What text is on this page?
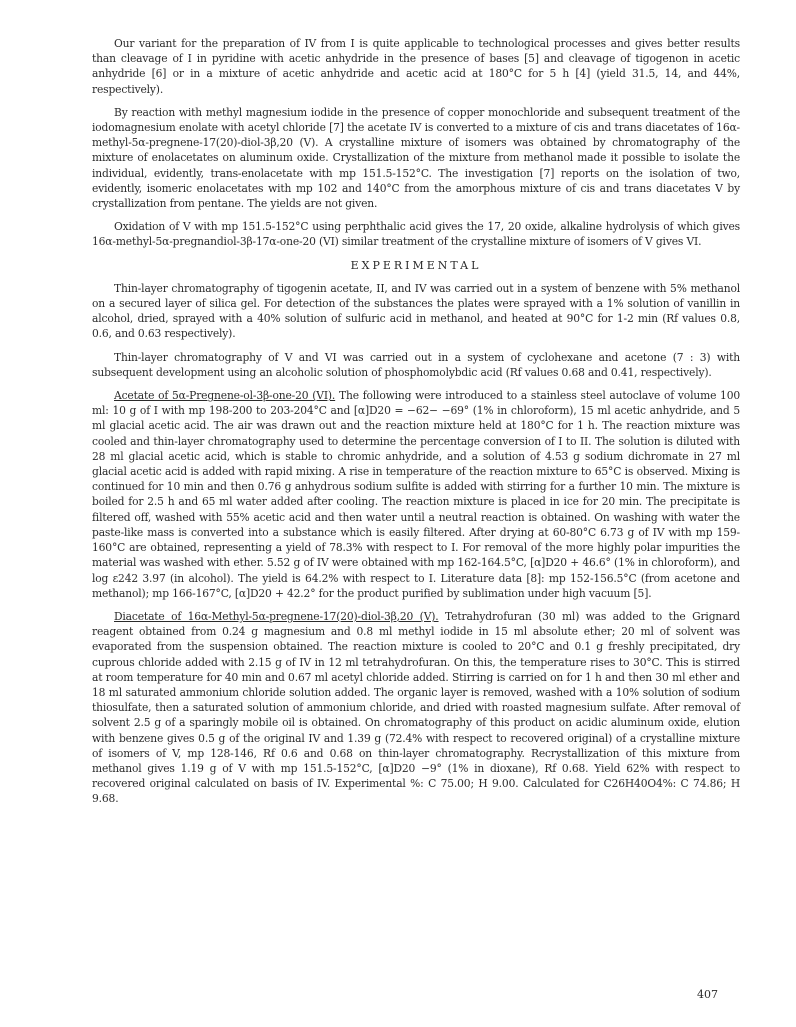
Our variant for the preparation of IV from I is quite applicable to technological processes and gives better results than cleavage of I in pyridine with acetic anhydride in the presence of bases [5] and cleavage of tigogenon in acetic anhydride [6] or in a mixture of acetic anhydride and acetic acid at 180°C for 5 h [4] (yield 31.5, 14, and 44%, respectively).

By reaction with methyl magnesium iodide in the presence of copper monochloride and subsequent treatment of the iodomagnesium enolate with acetyl chloride [7] the acetate IV is converted to a mixture of cis and trans diacetates of 16α-methyl-5α-pregnene-17(20)-diol-3β,20 (V). A crystalline mixture of isomers was obtained by chromatography of the mixture of enolacetates on aluminum oxide. Crystallization of the mixture from methanol made it possible to isolate the individual, evidently, trans-enolacetate with mp 151.5-152°C. The investigation [7] reports on the isolation of two, evidently, isomeric enolacetates with mp 102 and 140°C from the amorphous mixture of cis and trans diacetates V by crystallization from pentane. The yields are not given.

Oxidation of V with mp 151.5-152°C using perphthalic acid gives the 17, 20 oxide, alkaline hydrolysis of which gives 16α-methyl-5α-pregnandiol-3β-17α-one-20 (VI) similar treatment of the crystalline mixture of isomers of V gives VI.

EXPERIMENTAL

Thin-layer chromatography of tigogenin acetate, II, and IV was carried out in a system of benzene with 5% methanol on a secured layer of silica gel. For detection of the substances the plates were sprayed with a 1% solution of vanillin in alcohol, dried, sprayed with a 40% solution of sulfuric acid in methanol, and heated at 90°C for 1-2 min (Rf values 0.8, 0.6, and 0.63 respectively).

Thin-layer chromatography of V and VI was carried out in a system of cyclohexane and acetone (7 : 3) with subsequent development using an alcoholic solution of phosphomolybdic acid (Rf values 0.68 and 0.41, respectively).

Acetate of 5α-Pregnene-ol-3β-one-20 (VI). The following were introduced to a stainless steel autoclave of volume 100 ml: 10 g of I with mp 198-200 to 203-204°C and [α]D20 = −62− −69° (1% in chloroform), 15 ml acetic anhydride, and 5 ml glacial acetic acid. The air was drawn out and the reaction mixture held at 180°C for 1 h. The reaction mixture was cooled and thin-layer chromatography used to determine the percentage conversion of I to II. The solution is diluted with 28 ml glacial acetic acid, which is stable to chromic anhydride, and a solution of 4.53 g sodium dichromate in 27 ml glacial acetic acid is added with rapid mixing. A rise in temperature of the reaction mixture to 65°C is observed. Mixing is continued for 10 min and then 0.76 g anhydrous sodium sulfite is added with stirring for a further 10 min. The mixture is boiled for 2.5 h and 65 ml water added after cooling. The reaction mixture is placed in ice for 20 min. The precipitate is filtered off, washed with 55% acetic acid and then water until a neutral reaction is obtained. On washing with water the paste-like mass is converted into a substance which is easily filtered. After drying at 60-80°C 6.73 g of IV with mp 159-160°C are obtained, representing a yield of 78.3% with respect to I. For removal of the more highly polar impurities the material was washed with ether. 5.52 g of IV were obtained with mp 162-164.5°C, [α]D20 + 46.6° (1% in chloroform), and log ε242 3.97 (in alcohol). The yield is 64.2% with respect to I. Literature data [8]: mp 152-156.5°C (from acetone and methanol); mp 166-167°C, [α]D20 + 42.2° for the product purified by sublimation under high vacuum [5].

Diacetate of 16α-Methyl-5α-pregnene-17(20)-diol-3β,20 (V). Tetrahydrofuran (30 ml) was added to the Grignard reagent obtained from 0.24 g magnesium and 0.8 ml methyl iodide in 15 ml absolute ether; 20 ml of solvent was evaporated from the suspension obtained. The reaction mixture is cooled to 20°C and 0.1 g freshly precipitated, dry cuprous chloride added with 2.15 g of IV in 12 ml tetrahydrofuran. On this, the temperature rises to 30°C. This is stirred at room temperature for 40 min and 0.67 ml acetyl chloride added. Stirring is carried on for 1 h and then 30 ml ether and 18 ml saturated ammonium chloride solution added. The organic layer is removed, washed with a 10% solution of sodium thiosulfate, then a saturated solution of ammonium chloride, and dried with roasted magnesium sulfate. After removal of solvent 2.5 g of a sparingly mobile oil is obtained. On chromatography of this product on acidic aluminum oxide, elution with benzene gives 0.5 g of the original IV and 1.39 g (72.4% with respect to recovered original) of a crystalline mixture of isomers of V, mp 128-146, Rf 0.6 and 0.68 on thin-layer chromatography. Recrystallization of this mixture from methanol gives 1.19 g of V with mp 151.5-152°C, [α]D20 −9° (1% in dioxane), Rf 0.68. Yield 62% with respect to recovered original calculated on basis of IV. Experimental %: C 75.00; H 9.00. Calculated for C26H40O4%: C 74.86; H 9.68.

407
